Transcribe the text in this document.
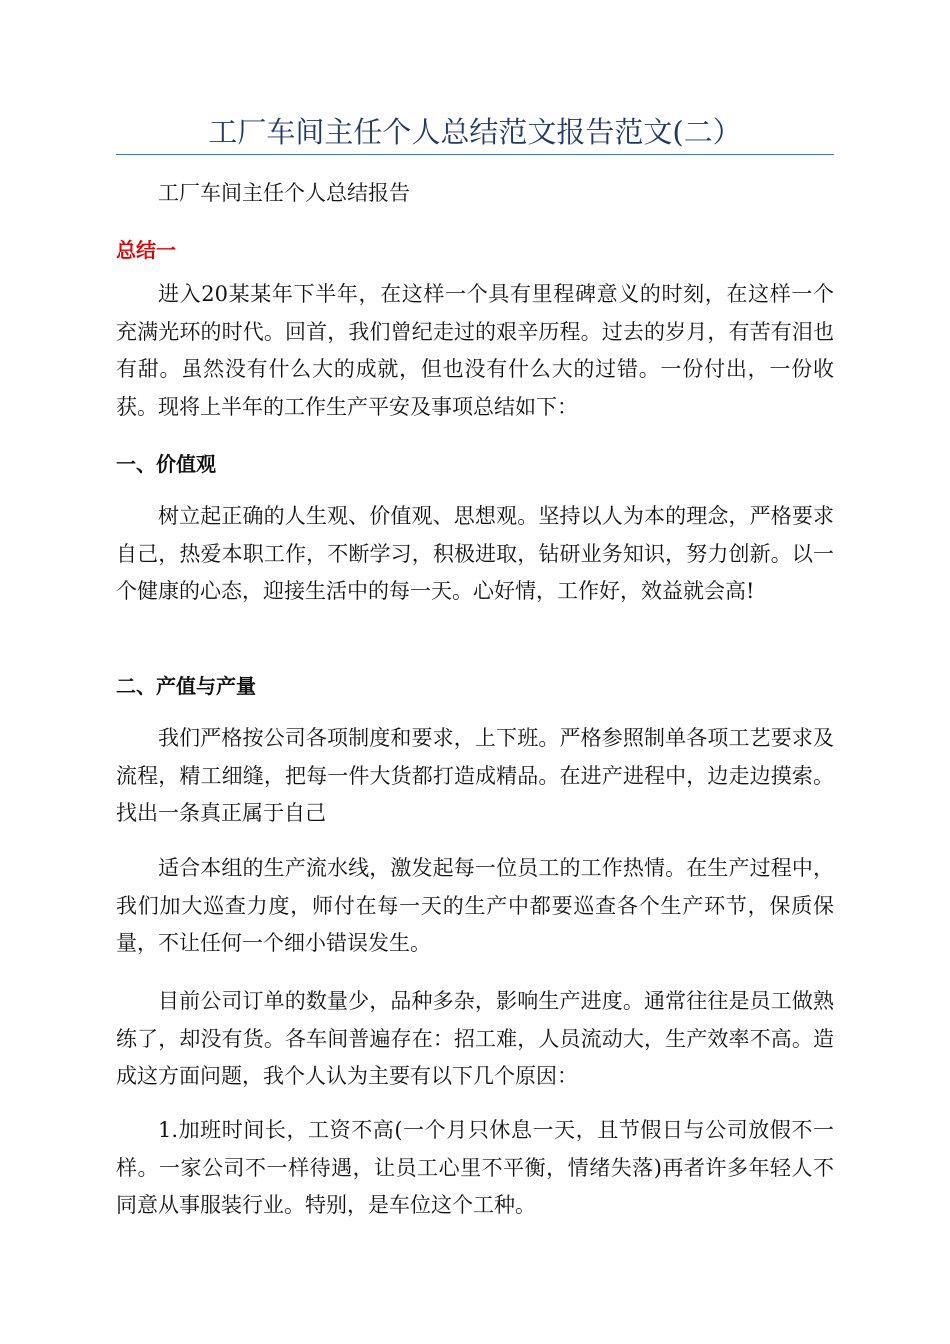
工厂车间主任个人总结范文报告范文(二）
工厂车间主任个人总结报告
总结一
进入20某某年下半年，在这样一个具有里程碑意义的时刻，在这样一个充满光环的时代。回首，我们曾纪走过的艰辛历程。过去的岁月，有苦有泪也有甜。虽然没有什么大的成就，但也没有什么大的过错。一份付出，一份收获。现将上半年的工作生产平安及事项总结如下：
一、价值观
树立起正确的人生观、价值观、思想观。坚持以人为本的理念，严格要求自己，热爱本职工作，不断学习，积极进取，钻研业务知识，努力创新。以一个健康的心态，迎接生活中的每一天。心好情，工作好，效益就会高!
二、产值与产量
我们严格按公司各项制度和要求，上下班。严格参照制单各项工艺要求及流程，精工细缝，把每一件大货都打造成精品。在进产进程中，边走边摸索。找出一条真正属于自己
适合本组的生产流水线，激发起每一位员工的工作热情。在生产过程中，我们加大巡查力度，师付在每一天的生产中都要巡查各个生产环节，保质保量，不让任何一个细小错误发生。
目前公司订单的数量少，品种多杂，影响生产进度。通常往往是员工做熟练了，却没有货。各车间普遍存在：招工难，人员流动大，生产效率不高。造成这方面问题，我个人认为主要有以下几个原因：
1.加班时间长，工资不高(一个月只休息一天，且节假日与公司放假不一样。一家公司不一样待遇，让员工心里不平衡，情绪失落)再者许多年轻人不同意从事服装行业。特别，是车位这个工种。
